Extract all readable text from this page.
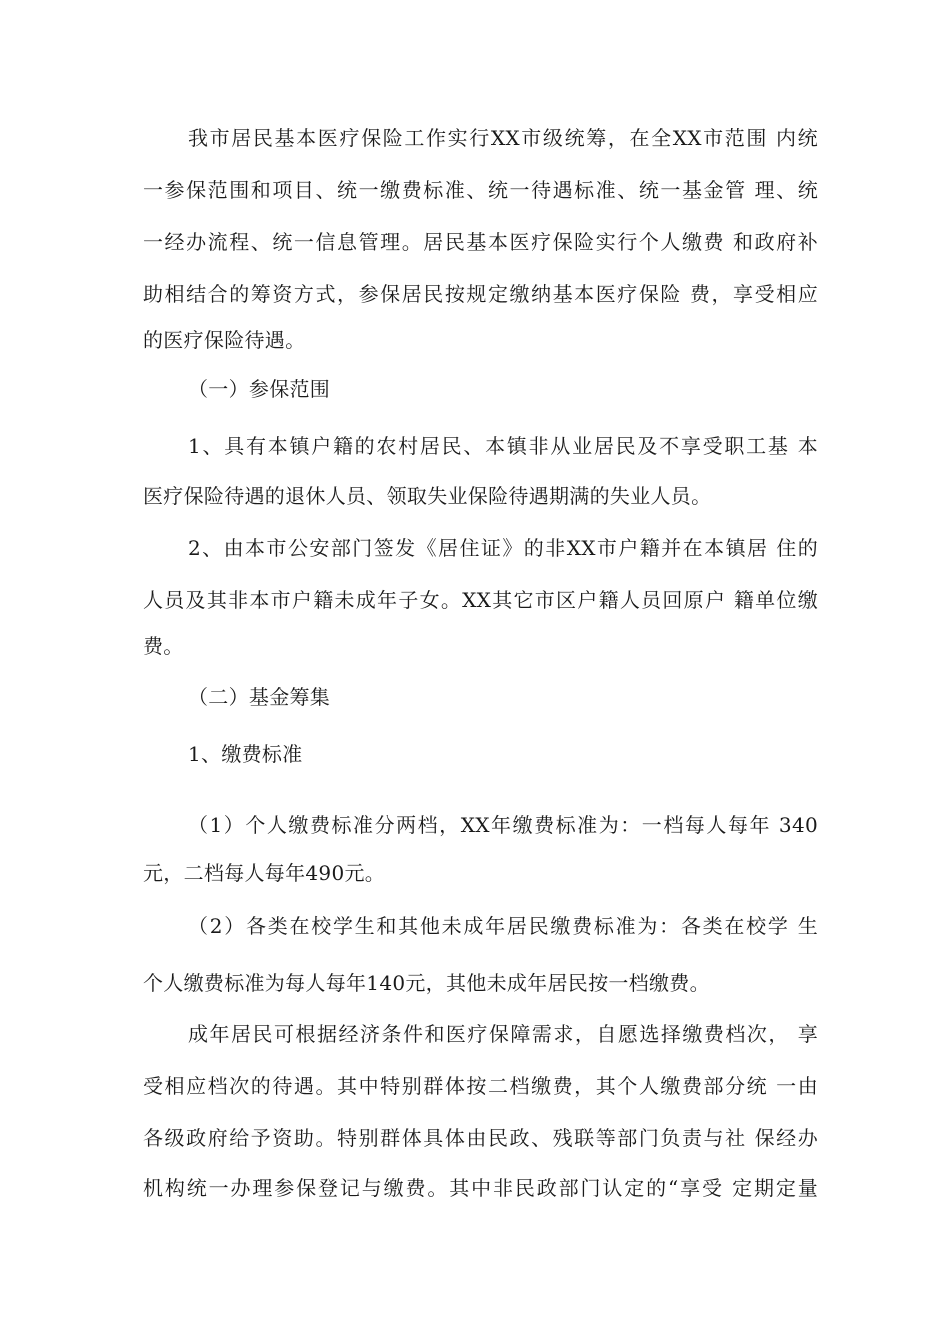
我市居民基本医疗保险工作实行XX市级统筹，在全XX市范围 内统
一参保范围和项目、统一缴费标准、统一待遇标准、统一基金管 理、统
一经办流程、统一信息管理。居民基本医疗保险实行个人缴费 和政府补
助相结合的筹资方式，参保居民按规定缴纳基本医疗保险 费，享受相应
的医疗保险待遇。
（一）参保范围
1、具有本镇户籍的农村居民、本镇非从业居民及不享受职工基 本
医疗保险待遇的退休人员、领取失业保险待遇期满的失业人员。
2、由本市公安部门签发《居住证》的非XX市户籍并在本镇居 住的
人员及其非本市户籍未成年子女。XX其它市区户籍人员回原户 籍单位缴
费。
（二）基金筹集
1、缴费标准
（1）个人缴费标准分两档，XX年缴费标准为：一档每人每年 340
元，二档每人每年490元。
（2）各类在校学生和其他未成年居民缴费标准为：各类在校学 生
个人缴费标准为每人每年140元，其他未成年居民按一档缴费。
成年居民可根据经济条件和医疗保障需求，自愿选择缴费档次， 享
受相应档次的待遇。其中特别群体按二档缴费，其个人缴费部分统 一由
各级政府给予资助。特别群体具体由民政、残联等部门负责与社 保经办
机构统一办理参保登记与缴费。其中非民政部门认定的“享受 定期定量
